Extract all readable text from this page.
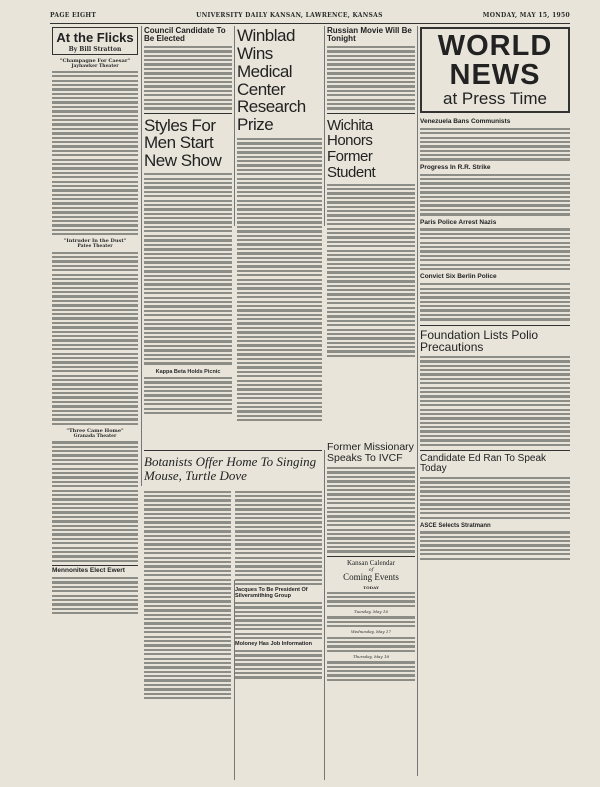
PAGE EIGHT	UNIVERSITY DAILY KANSAN, LAWRENCE, KANSAS	MONDAY, MAY 15, 1950
At the Flicks
By Bill Stratton
"Champagne For Caesar"
Jayhawker Theater
"Intruder In the Dust"
Patee Theater
"Three Came Home"
Granada Theater
Mennonites Elect Ewert
Council Candidate To Be Elected
Styles For Men Start New Show
Kappa Beta Holds Picnic
Winblad Wins Medical Center Research Prize
Russian Movie Will Be Tonight
Wichita Honors Former Student
Former Missionary Speaks To IVCF
Kansan Calendar
of
Coming Events
TODAY
Tuesday, May 16
Wednesday, May 17
Thursday, May 18
Botanists Offer Home To Singing Mouse, Turtle Dove
Jacques To Be President Of Silversmithing Group
Moloney Has Job Information
WORLD NEWS
at Press Time
Venezuela Bans Communists
Progress In R.R. Strike
Paris Police Arrest Nazis
Convict Six Berlin Police
Foundation Lists Polio Precautions
Candidate Ed Ran To Speak Today
ASCE Selects Stratmann
